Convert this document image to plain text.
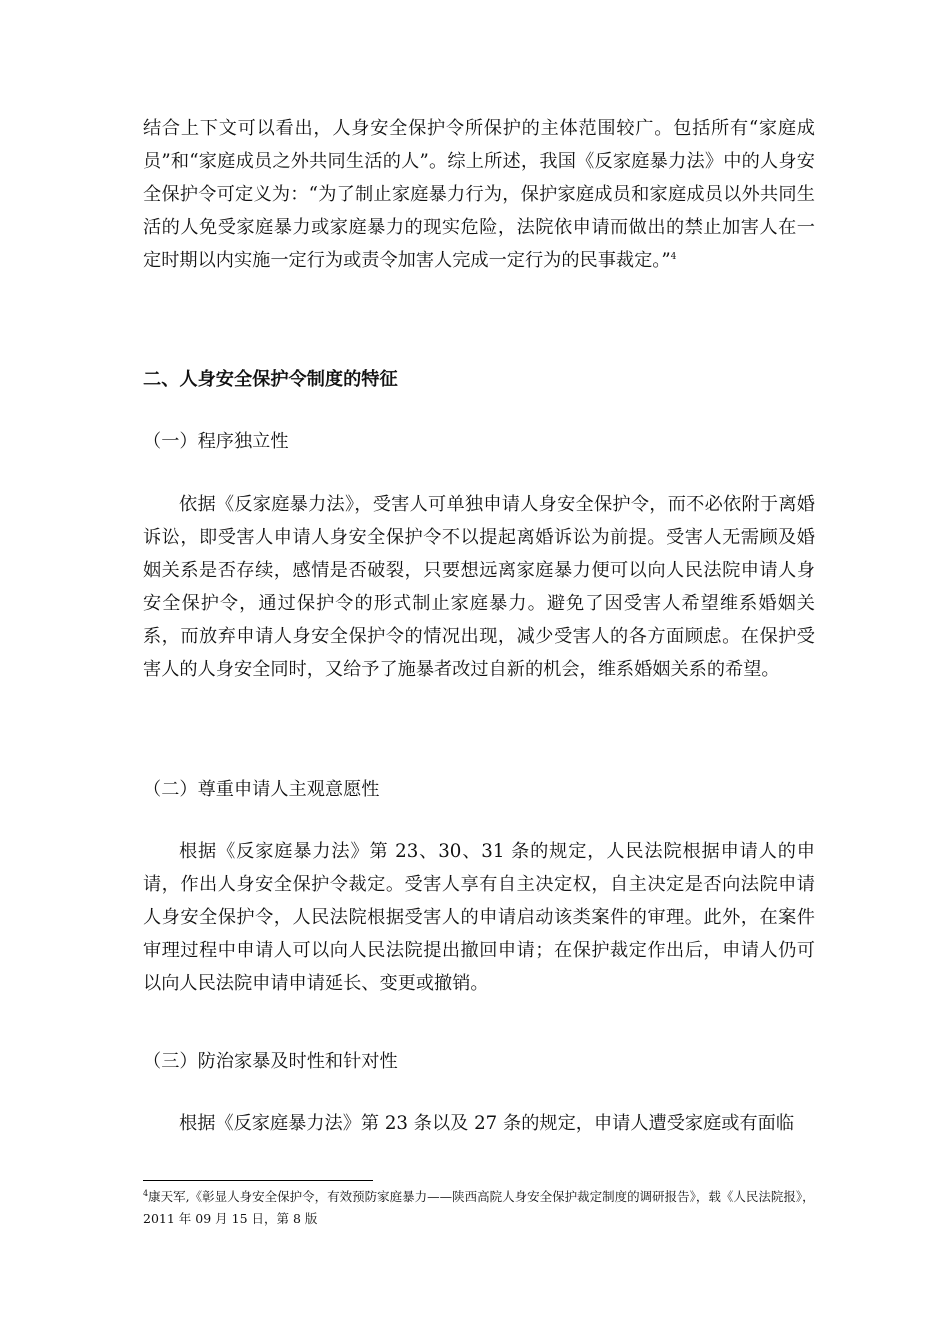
结合上下文可以看出，人身安全保护令所保护的主体范围较广。包括所有“家庭成员”和“家庭成员之外共同生活的人”。综上所述，我国《反家庭暴力法》中的人身安全保护令可定义为：“为了制止家庭暴力行为，保护家庭成员和家庭成员以外共同生活的人免受家庭暴力或家庭暴力的现实危险，法院依申请而做出的禁止加害人在一定时期以内实施一定行为或责令加害人完成一定行为的民事裁定。”$^4$

二、人身安全保护令制度的特征

（一）程序独立性

依据《反家庭暴力法》，受害人可单独申请人身安全保护令，而不必依附于离婚诉讼，即受害人申请人身安全保护令不以提起离婚诉讼为前提。受害人无需顾及婚姻关系是否存续，感情是否破裂，只要想远离家庭暴力便可以向人民法院申请人身安全保护令，通过保护令的形式制止家庭暴力。避免了因受害人希望维系婚姻关系，而放弃申请人身安全保护令的情况出现，减少受害人的各方面顾虑。在保护受害人的人身安全同时，又给予了施暴者改过自新的机会，维系婚姻关系的希望。

（二）尊重申请人主观意愿性

根据《反家庭暴力法》第 23、30、31 条的规定，人民法院根据申请人的申请，作出人身安全保护令裁定。受害人享有自主决定权，自主决定是否向法院申请人身安全保护令，人民法院根据受害人的申请启动该类案件的审理。此外，在案件审理过程中申请人可以向人民法院提出撤回申请；在保护裁定作出后，申请人仍可以向人民法院申请申请延长、变更或撤销。

（三）防治家暴及时性和针对性

根据《反家庭暴力法》第 23 条以及 27 条的规定，申请人遭受家庭或有面临

$^4$康天军,《彰显人身安全保护令，有效预防家庭暴力——陕西高院人身安全保护裁定制度的调研报告》，载《人民法院报》，2011 年 09 月 15 日，第 8 版
